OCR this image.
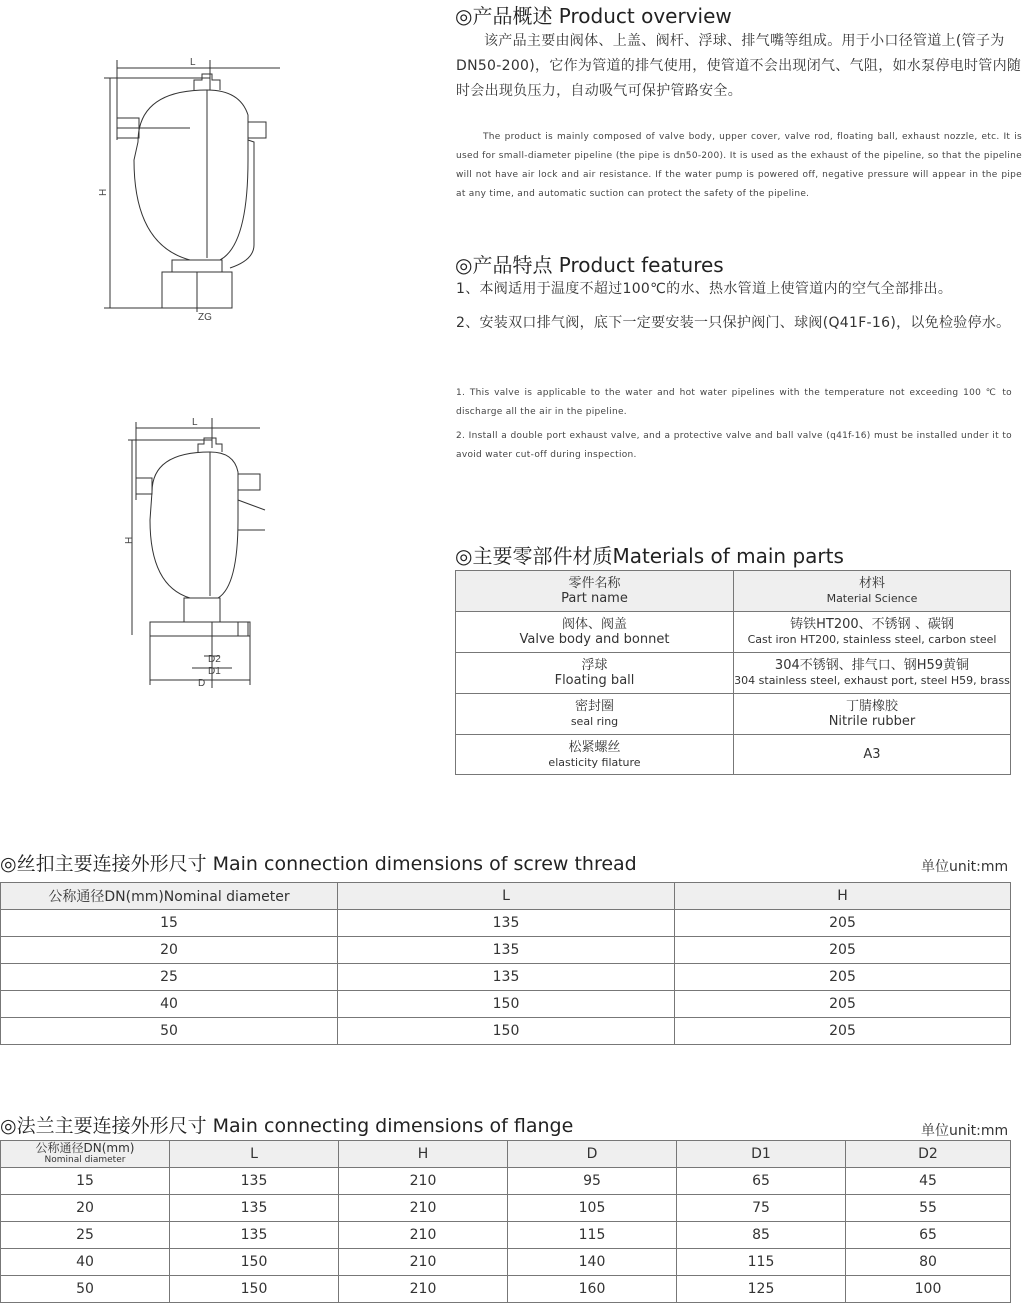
L
H
ZG
L
H
D2
D1
D
◎产品概述 Product overview
该产品主要由阀体、上盖、阀杆、浮球、排气嘴等组成。用于小口径管道上(管子为DN50-200)，它作为管道的排气使用，使管道不会出现闭气、气阻，如水泵停电时管内随时会出现负压力，自动吸气可保护管路安全。
The product is mainly composed of valve body, upper cover, valve rod, floating ball, exhaust nozzle, etc. It is used for small-diameter pipeline (the pipe is dn50-200). It is used as the exhaust of the pipeline, so that the pipeline will not have air lock and air resistance. If the water pump is powered off, negative pressure will appear in the pipe at any time, and automatic suction can protect the safety of the pipeline.
◎产品特点 Product features
1、本阀适用于温度不超过100℃的水、热水管道上使管道内的空气全部排出。
2、安装双口排气阀，底下一定要安装一只保护阀门、球阀(Q41F-16)，以免检验停水。
1. This valve is applicable to the water and hot water pipelines with the temperature not exceeding 100 ℃ to discharge all the air in the pipeline.
2. Install a double port exhaust valve, and a protective valve and ball valve (q41f-16) must be installed under it to avoid water cut-off during inspection.
◎主要零部件材质Materials of main parts
零件名称
Part name	材料
Material Science

阀体、阀盖
Valve body and bonnet	铸铁HT200、不锈钢 、碳钢
Cast iron HT200, stainless steel, carbon steel

浮球
Floating ball	304不锈钢、排气口、钢H59黄铜
304 stainless steel, exhaust port, steel H59, brass

密封圈
seal ring	丁腈橡胶
Nitrile rubber

松紧螺丝
elasticity filature	A3
◎丝扣主要连接外形尺寸 Main connection dimensions of screw thread	单位unit:mm
公称通径DN(mm)Nominal diameter	L	H
15	135	205
20	135	205
25	135	205
40	150	205
50	150	205
◎法兰主要连接外形尺寸 Main connecting dimensions of flange	单位unit:mm
公称通径DN(mm)
Nominal diameter	L	H	D	D1	D2
15	135	210	95	65	45
20	135	210	105	75	55
25	135	210	115	85	65
40	150	210	140	115	80
50	150	210	160	125	100
